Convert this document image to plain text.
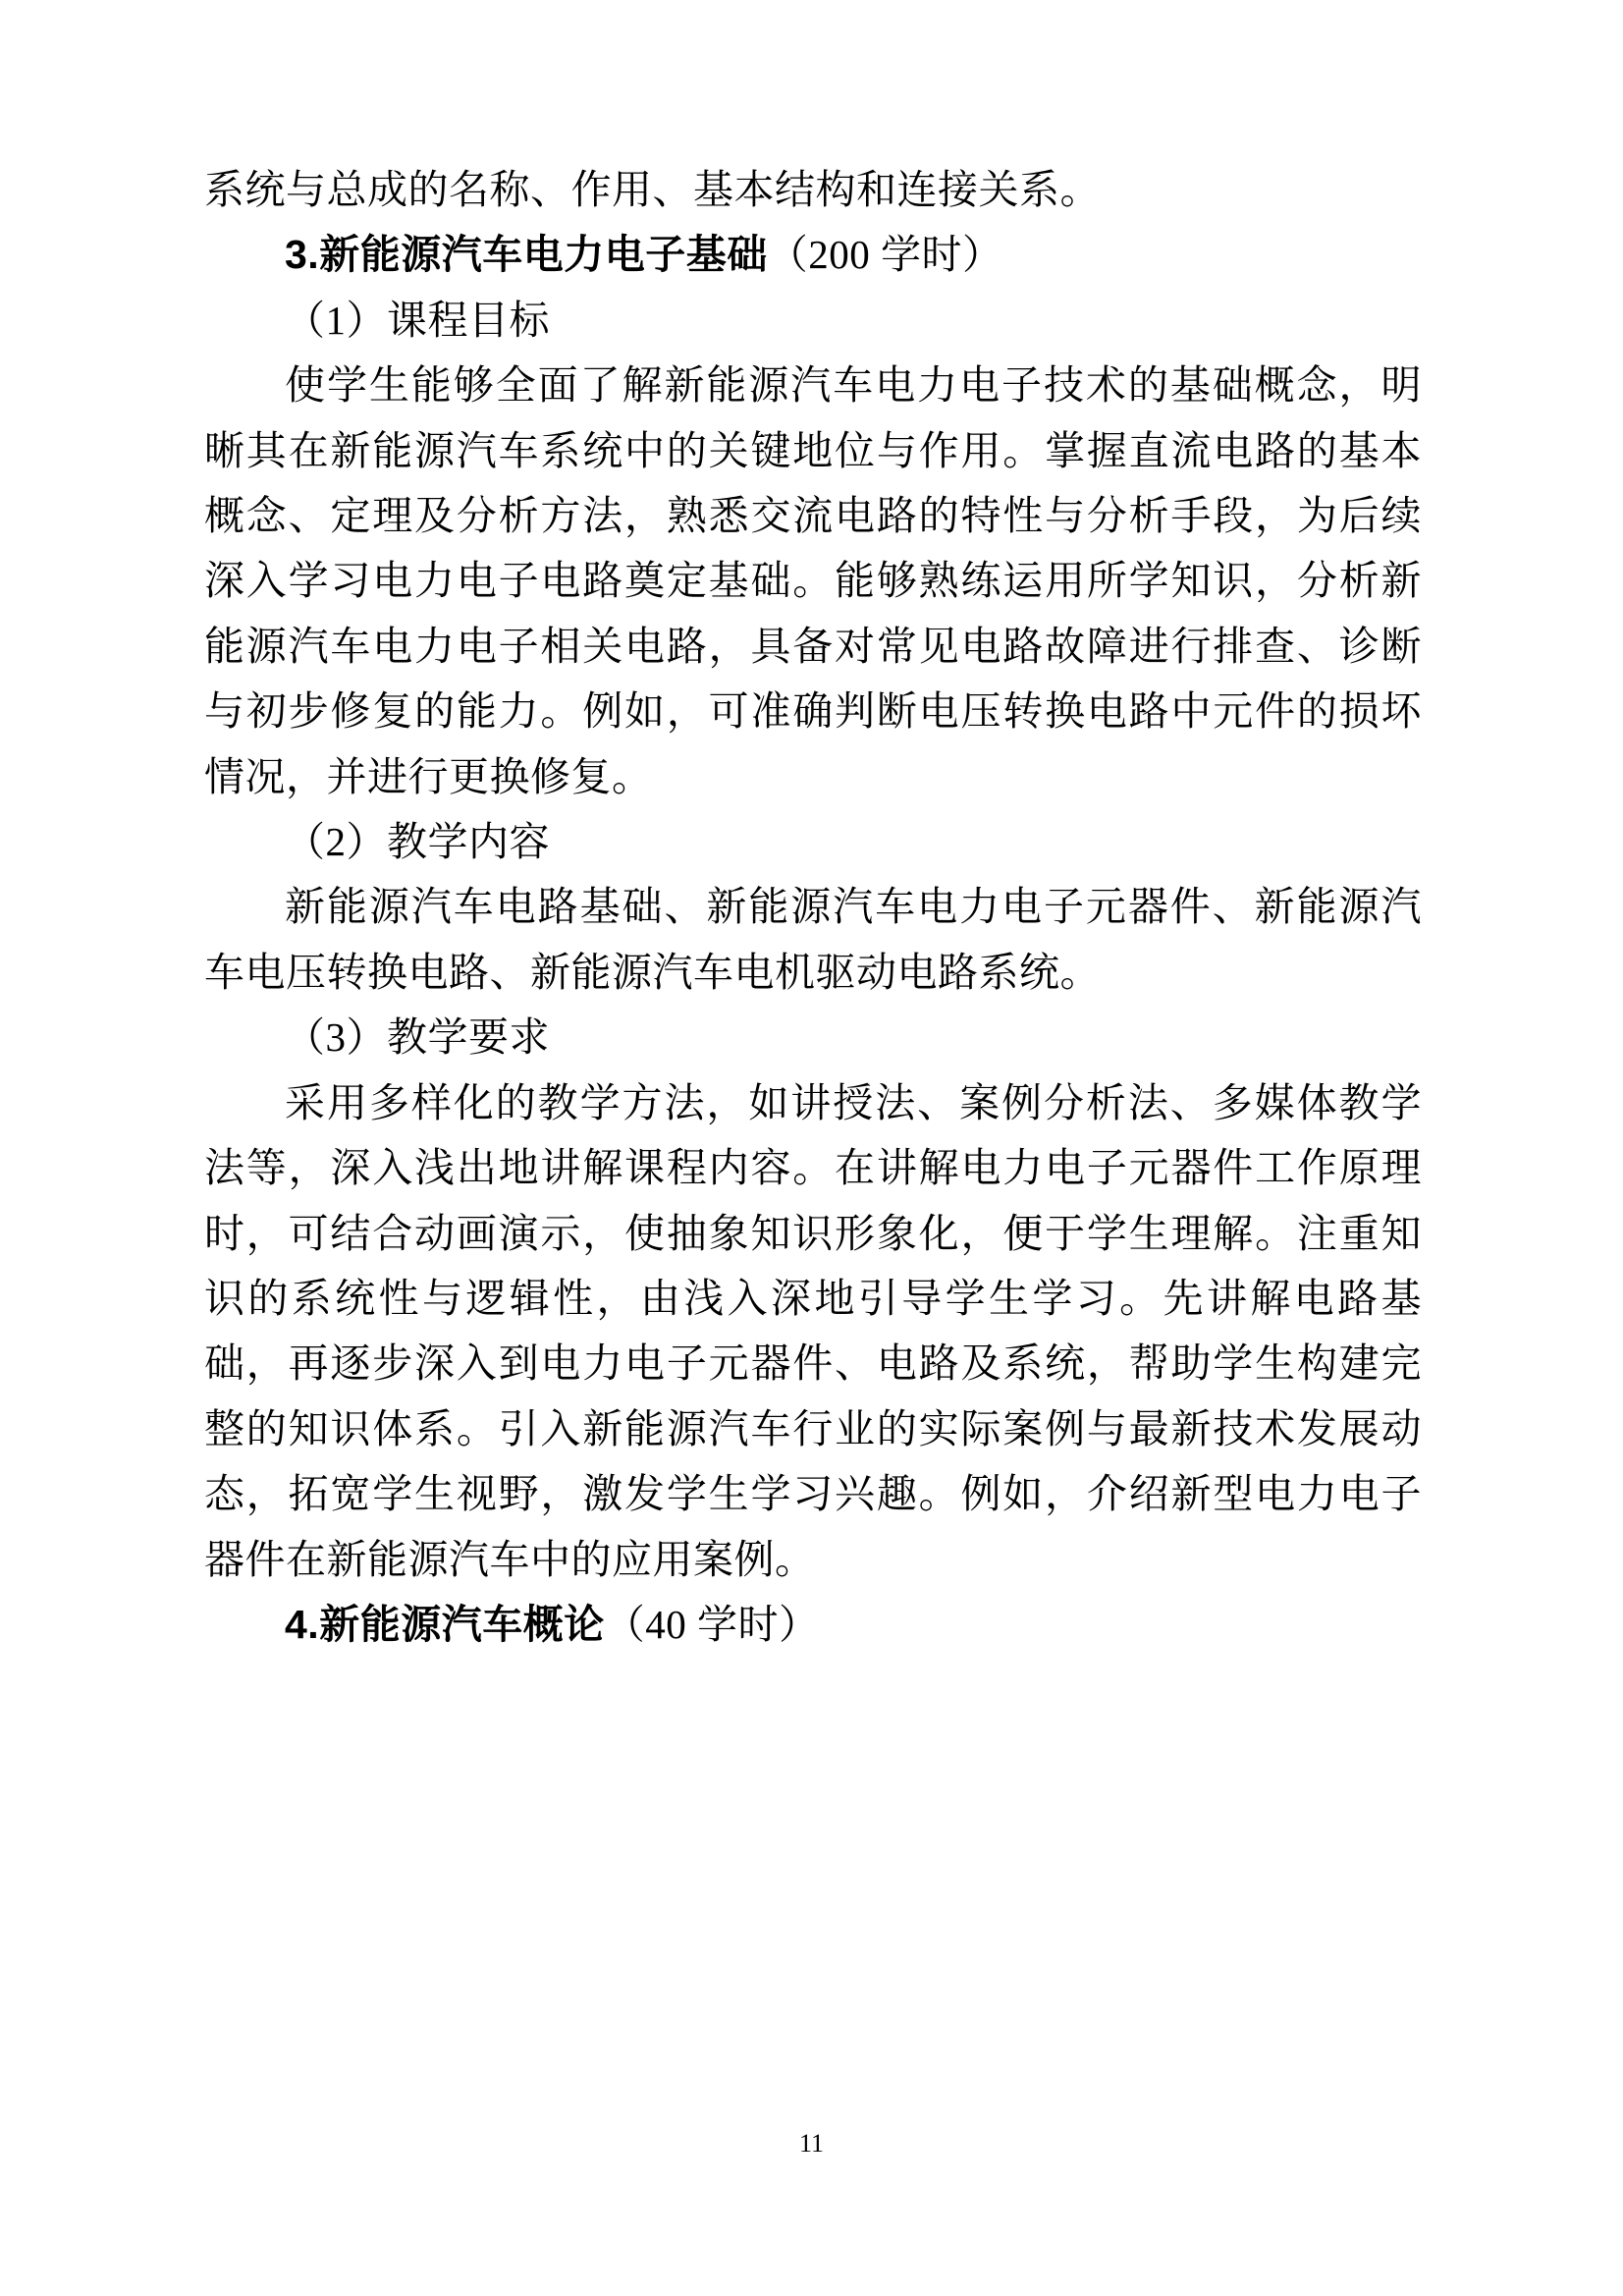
系统与总成的名称、作用、基本结构和连接关系。

3.新能源汽车电力电子基础（200 学时）

（1）课程目标

使学生能够全面了解新能源汽车电力电子技术的基础概念，明晰其在新能源汽车系统中的关键地位与作用。掌握直流电路的基本概念、定理及分析方法，熟悉交流电路的特性与分析手段，为后续深入学习电力电子电路奠定基础。能够熟练运用所学知识，分析新能源汽车电力电子相关电路，具备对常见电路故障进行排查、诊断与初步修复的能力。例如，可准确判断电压转换电路中元件的损坏情况，并进行更换修复。

（2）教学内容

新能源汽车电路基础、新能源汽车电力电子元器件、新能源汽车电压转换电路、新能源汽车电机驱动电路系统。

（3）教学要求

采用多样化的教学方法，如讲授法、案例分析法、多媒体教学法等，深入浅出地讲解课程内容。在讲解电力电子元器件工作原理时，可结合动画演示，使抽象知识形象化，便于学生理解。注重知识的系统性与逻辑性，由浅入深地引导学生学习。先讲解电路基础，再逐步深入到电力电子元器件、电路及系统，帮助学生构建完整的知识体系。引入新能源汽车行业的实际案例与最新技术发展动态，拓宽学生视野，激发学生学习兴趣。例如，介绍新型电力电子器件在新能源汽车中的应用案例。

4.新能源汽车概论（40 学时）

11
